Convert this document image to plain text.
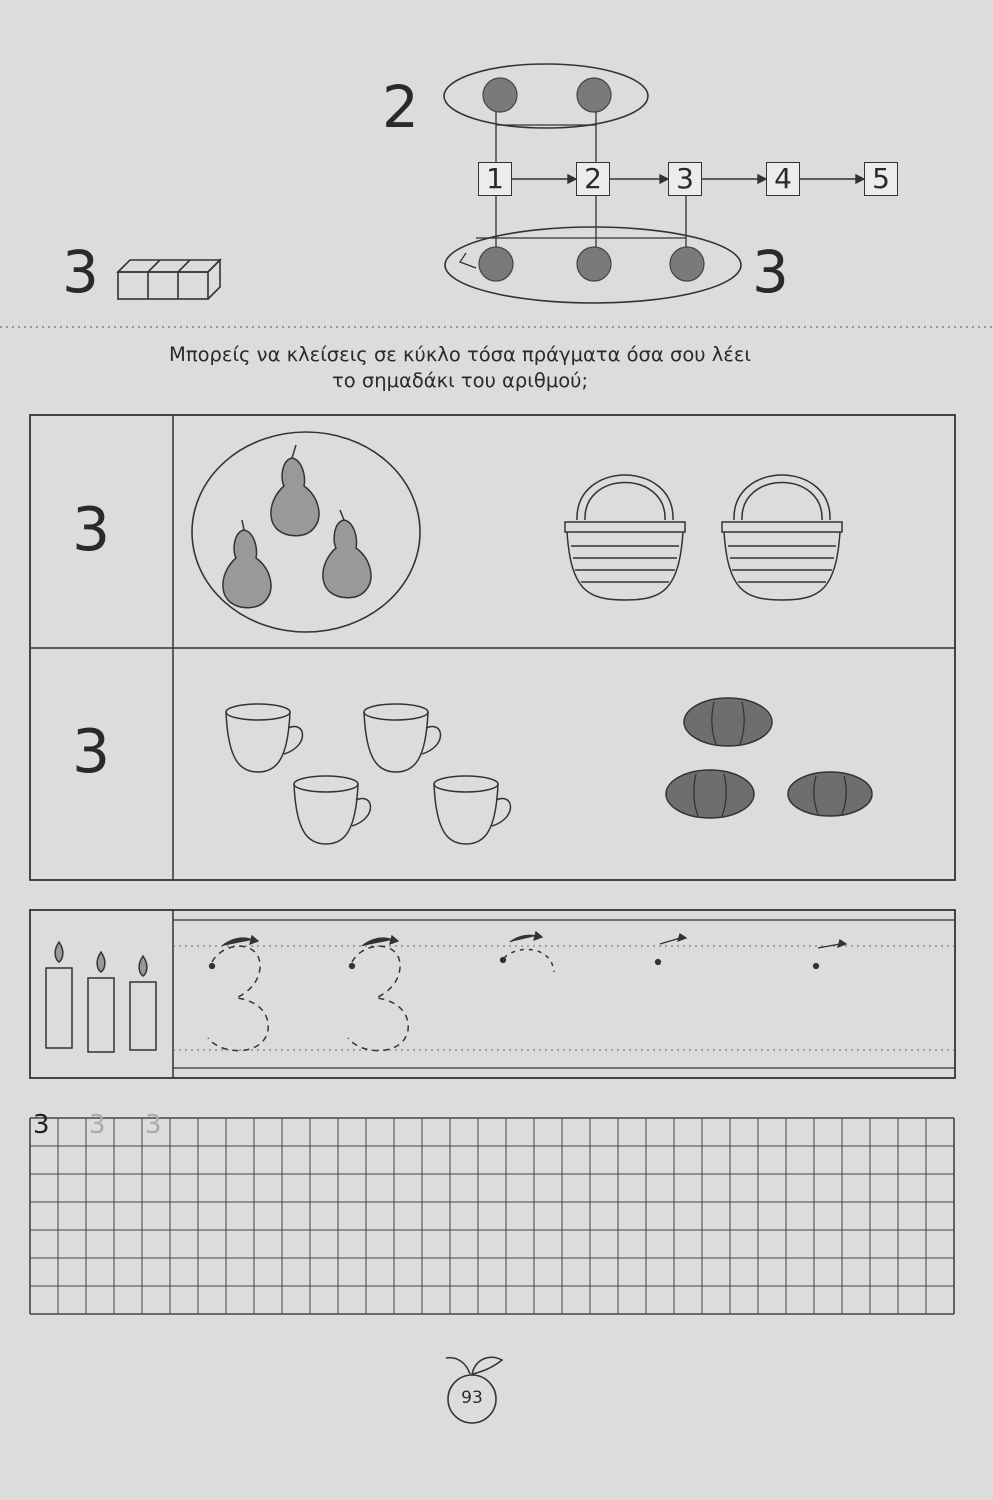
2
3	3
1	2	3	4	5

Μπορείς να κλείσεις σε κύκλο τόσα πράγματα όσα σου λέει
το σημαδάκι του αριθμού;

3
3
3 3 3
93
